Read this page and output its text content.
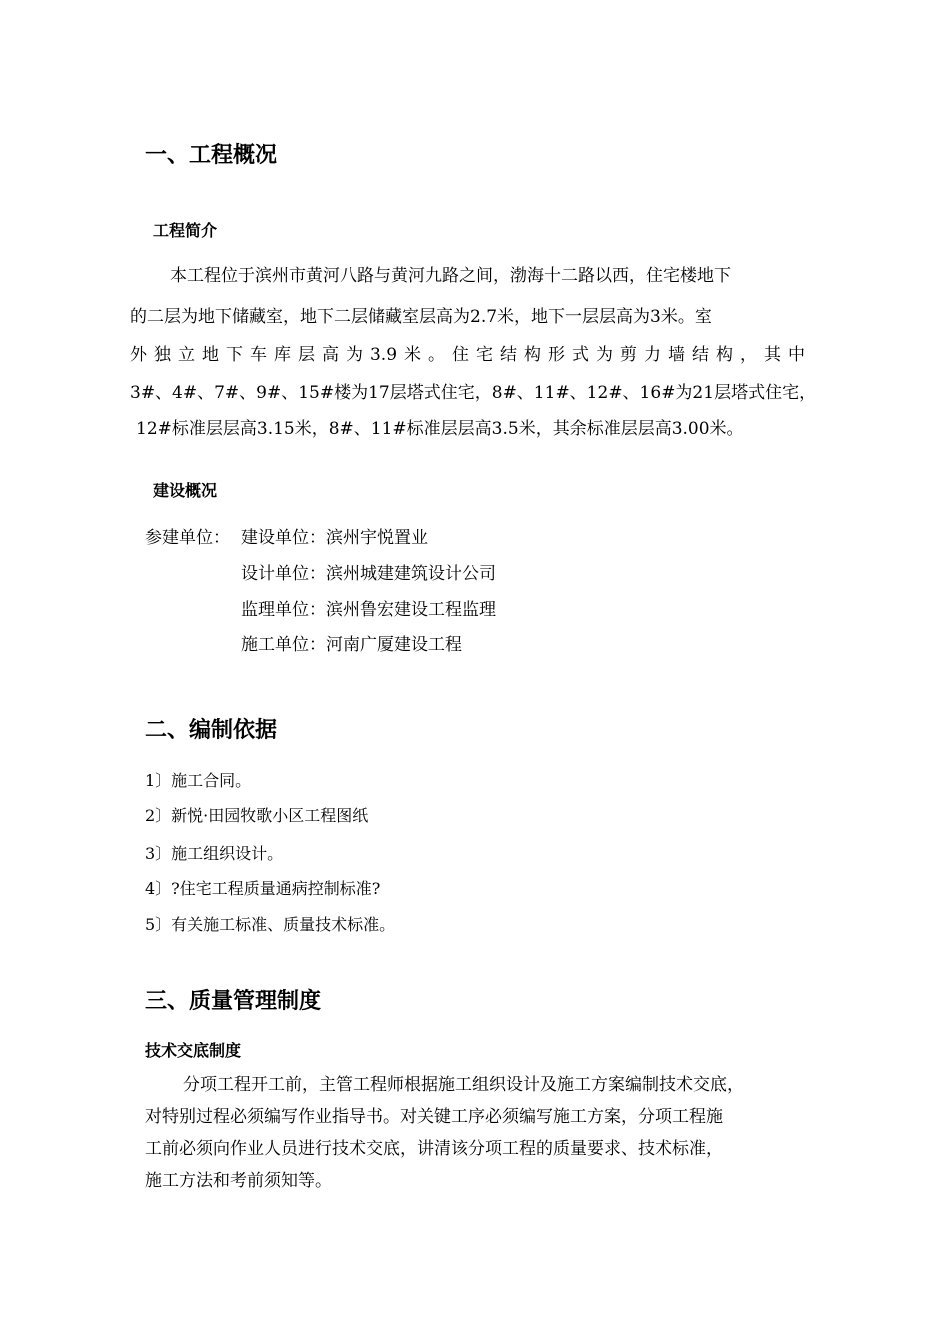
一、工程概况
工程简介
本工程位于滨州市黄河八路与黄河九路之间，渤海十二路以西，住宅楼地下
的二层为地下储藏室，地下二层储藏室层高为2.7米，地下一层层高为3米。室
外独立地下车库层高为3.9米。住宅结构形式为剪力墙结构，其中
3#、4#、7#、9#、15#楼为17层塔式住宅，8#、11#、12#、16#为21层塔式住宅，
12#标准层层高3.15米，8#、11#标准层层高3.5米，其余标准层层高3.00米。
建设概况
参建单位： 建设单位：滨州宇悦置业
设计单位：滨州城建建筑设计公司
监理单位：滨州鲁宏建设工程监理
施工单位：河南广厦建设工程
二、编制依据
1〕施工合同。
2〕新悦·田园牧歌小区工程图纸
3〕施工组织设计。
4〕?住宅工程质量通病控制标准?
5〕有关施工标准、质量技术标准。
三、质量管理制度
技术交底制度
分项工程开工前，主管工程师根据施工组织设计及施工方案编制技术交底，
对特别过程必须编写作业指导书。对关键工序必须编写施工方案，分项工程施
工前必须向作业人员进行技术交底，讲清该分项工程的质量要求、技术标准，
施工方法和考前须知等。
